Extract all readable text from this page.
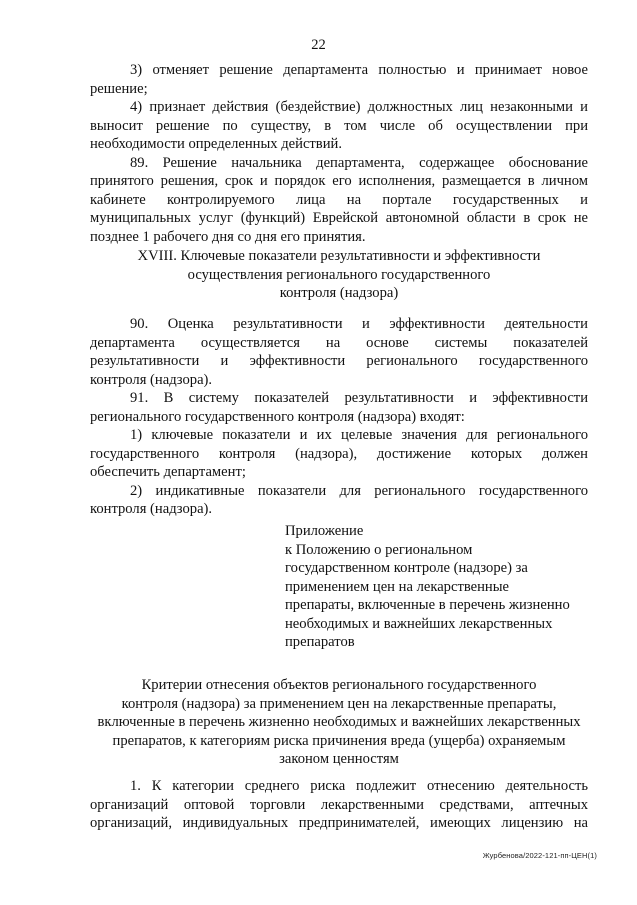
22
3) отменяет решение департамента полностью и принимает новое
решение;
4) признает действия (бездействие) должностных лиц незаконными и
выносит решение по существу, в том числе об осуществлении при
необходимости определенных действий.
89. Решение начальника департамента, содержащее обоснование
принятого решения, срок и порядок его исполнения, размещается в личном
кабинете контролируемого лица на портале государственных и
муниципальных услуг (функций) Еврейской автономной области в срок не
позднее 1 рабочего дня со дня его принятия.
XVIII. Ключевые показатели результативности и эффективности
осуществления регионального государственного
контроля (надзора)
90. Оценка результативности и эффективности деятельности
департамента осуществляется на основе системы показателей
результативности и эффективности регионального государственного
контроля (надзора).
91. В систему показателей результативности и эффективности
регионального государственного контроля (надзора) входят:
1) ключевые показатели и их целевые значения для регионального
государственного контроля (надзора), достижение которых должен
обеспечить департамент;
2) индикативные показатели для регионального государственного
контроля (надзора).
Приложение
к Положению о региональном
государственном контроле (надзоре) за
применением цен на лекарственные
препараты, включенные в перечень жизненно
необходимых и важнейших лекарственных
препаратов
Критерии отнесения объектов регионального государственного
контроля (надзора) за применением цен на лекарственные препараты,
включенные в перечень жизненно необходимых и важнейших лекарственных
препаратов, к категориям риска причинения вреда (ущерба) охраняемым
законом ценностям
1. К категории среднего риска подлежит отнесению деятельность
организаций оптовой торговли лекарственными средствами, аптечных
организаций, индивидуальных предпринимателей, имеющих лицензию на
Журбенова/2022-121-пп-ЦЕН(1)
